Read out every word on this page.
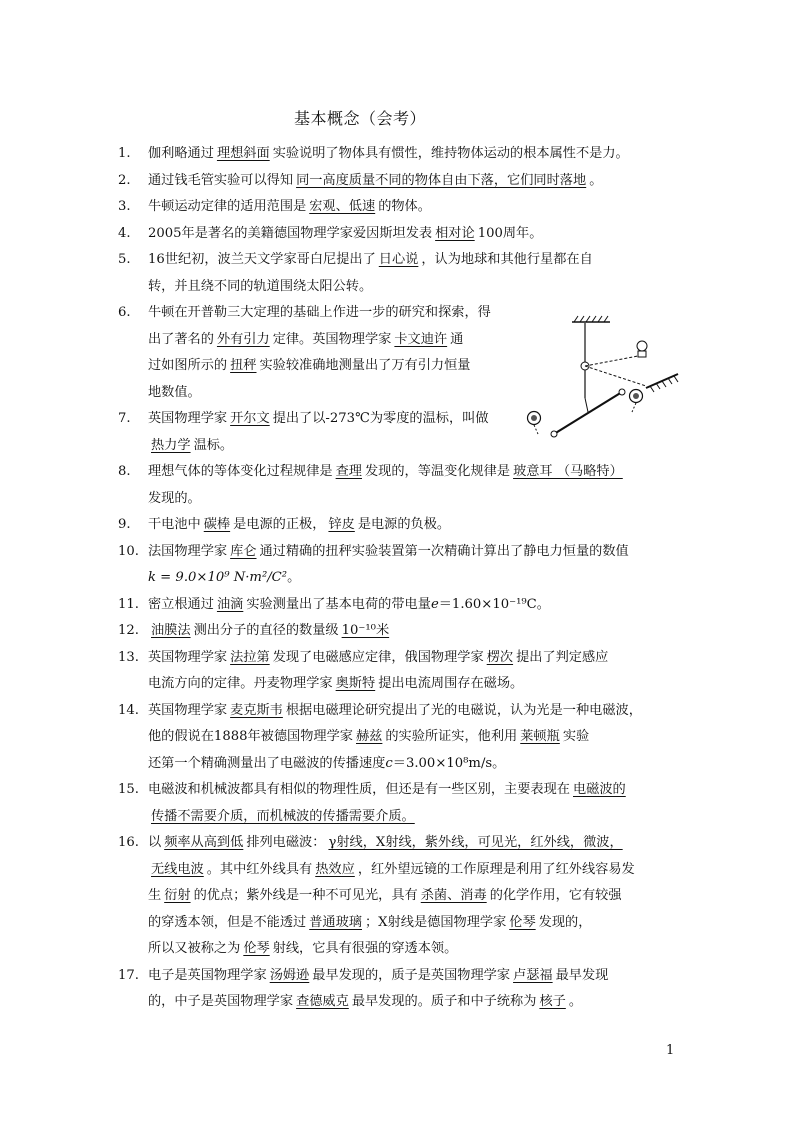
基本概念（会考）
1.	伽利略通过 理想斜面 实验说明了物体具有惯性，维持物体运动的根本属性不是力。
2.	通过钱毛管实验可以得知 同一高度质量不同的物体自由下落，它们同时落地 。
3.	牛顿运动定律的适用范围是 宏观、低速 的物体。
4.	2005年是著名的美籍德国物理学家爱因斯坦发表 相对论 100周年。
5.	16世纪初，波兰天文学家哥白尼提出了 日心说 ，认为地球和其他行星都在自
转，并且绕不同的轨道围绕太阳公转。
6.	牛顿在开普勒三大定理的基础上作进一步的研究和探索，得
出了著名的 外有引力 定律。英国物理学家 卡文迪许 通
过如图所示的 扭秤 实验较准确地测量出了万有引力恒量
地数值。
7.	英国物理学家 开尔文 提出了以-273℃为零度的温标，叫做
热力学 温标。
8.	理想气体的等体变化过程规律是 查理 发现的，等温变化规律是 玻意耳 （马略特）
发现的。
9.	干电池中 碳棒 是电源的正极， 锌皮 是电源的负极。
10. 法国物理学家 库仑 通过精确的扭秤实验装置第一次精确计算出了静电力恒量的数值
k = 9.0×10⁹ N·m²/C²。
11. 密立根通过 油滴 实验测量出了基本电荷的带电量e＝1.60×10⁻¹⁹C。
12. 油膜法 测出分子的直径的数量级 10⁻¹⁰米
13. 英国物理学家 法拉第 发现了电磁感应定律，俄国物理学家 楞次 提出了判定感应
电流方向的定律。丹麦物理学家 奥斯特 提出电流周围存在磁场。
14. 英国物理学家 麦克斯韦 根据电磁理论研究提出了光的电磁说，认为光是一种电磁波，
他的假说在1888年被德国物理学家 赫兹 的实验所证实，他利用 莱顿瓶 实验
还第一个精确测量出了电磁波的传播速度c＝3.00×10⁸m/s。
15. 电磁波和机械波都具有相似的物理性质，但还是有一些区别，主要表现在 电磁波的
传播不需要介质，而机械波的传播需要介质。
16. 以 频率从高到低 排列电磁波： γ射线，X射线，紫外线，可见光，红外线，微波，
无线电波 。其中红外线具有 热效应 ，红外望远镜的工作原理是利用了红外线容易发
生 衍射 的优点；紫外线是一种不可见光，具有 杀菌、消毒 的化学作用，它有较强
的穿透本领，但是不能透过 普通玻璃 ；X射线是德国物理学家 伦琴 发现的，
所以又被称之为 伦琴 射线，它具有很强的穿透本领。
17. 电子是英国物理学家 汤姆逊 最早发现的，质子是英国物理学家 卢瑟福 最早发现
的，中子是英国物理学家 查德威克 最早发现的。质子和中子统称为 核子 。
1
